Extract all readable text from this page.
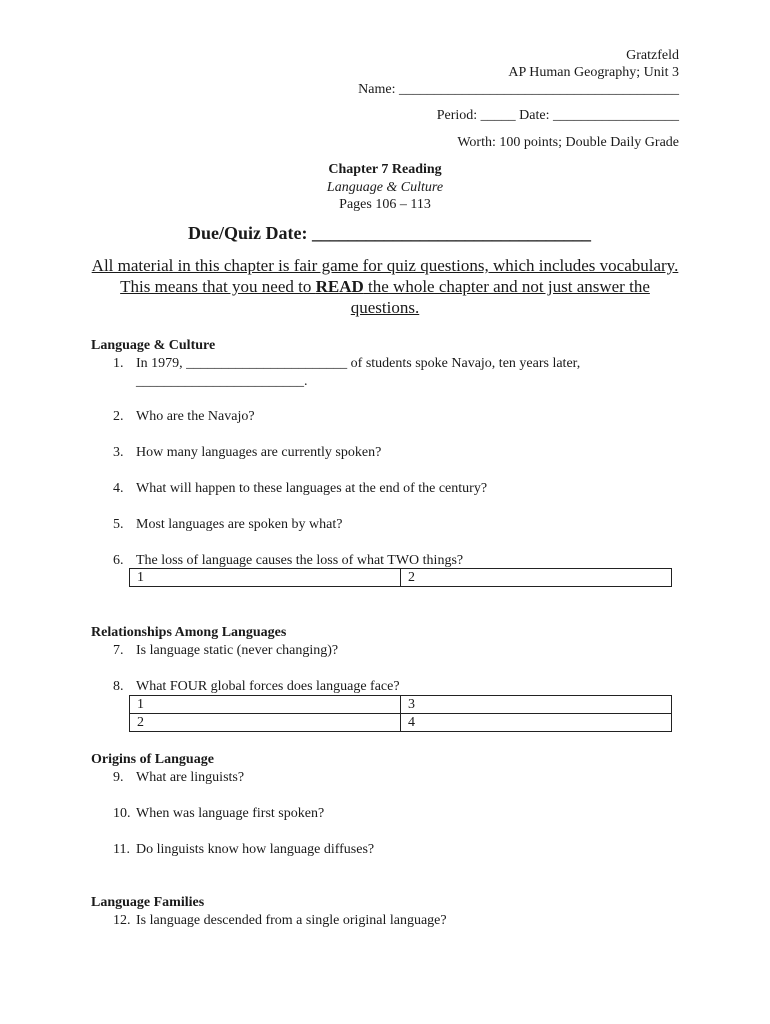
Gratzfeld
AP Human Geography; Unit 3
Name: ________________________________________
Period: _____ Date: __________________
Worth: 100 points; Double Daily Grade
Chapter 7 Reading
Language & Culture
Pages 106 – 113
Due/Quiz Date: _______________________________
All material in this chapter is fair game for quiz questions, which includes vocabulary. This means that you need to READ the whole chapter and not just answer the questions.
Language & Culture
1. In 1979, _______________________ of students spoke Navajo, ten years later,
________________________.
2. Who are the Navajo?
3. How many languages are currently spoken?
4. What will happen to these languages at the end of the century?
5. Most languages are spoken by what?
6. The loss of language causes the loss of what TWO things?
1	2
Relationships Among Languages
7. Is language static (never changing)?
8. What FOUR global forces does language face?
1	3
2	4
Origins of Language
9. What are linguists?
10. When was language first spoken?
11. Do linguists know how language diffuses?
Language Families
12. Is language descended from a single original language?
